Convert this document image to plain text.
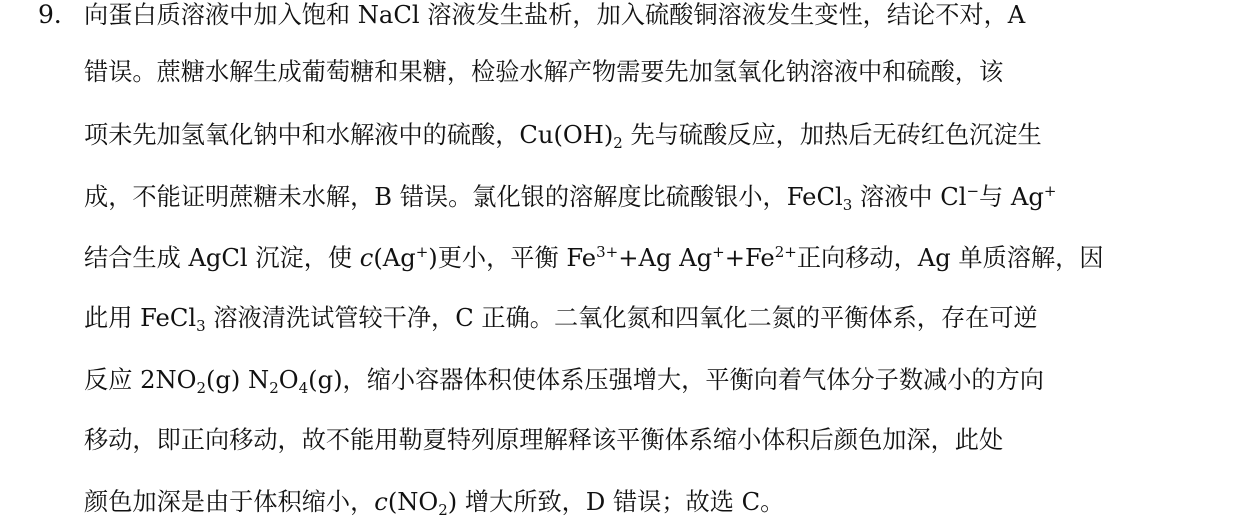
9． 向蛋白质溶液中加入饱和 NaCl 溶液发生盐析，加入硫酸铜溶液发生变性，结论不对，A
错误。蔗糖水解生成葡萄糖和果糖，检验水解产物需要先加氢氧化钠溶液中和硫酸，该
项未先加氢氧化钠中和水解液中的硫酸，$Cu(OH)_2$ 先与硫酸反应，加热后无砖红色沉淀生
成，不能证明蔗糖未水解，B 错误。氯化银的溶解度比硫酸银小，FeCl$_3$ 溶液中 Cl−与 Ag+
结合生成 AgCl 沉淀，使 c(Ag+)更小，平衡 $Fe^{3+}+Ag$ $Ag^++Fe^{2+}$正向移动，Ag 单质溶解，因
此用 FeCl$_3$ 溶液清洗试管较干净，C 正确。二氧化氮和四氧化二氮的平衡体系，存在可逆
反应 $2NO_2(g)$ $N_2O_4(g)$，缩小容器体积使体系压强增大，平衡向着气体分子数减小的方向
移动，即正向移动，故不能用勒夏特列原理解释该平衡体系缩小体积后颜色加深，此处
颜色加深是由于体积缩小，$c(NO_2)$ 增大所致，D 错误；故选 C。
